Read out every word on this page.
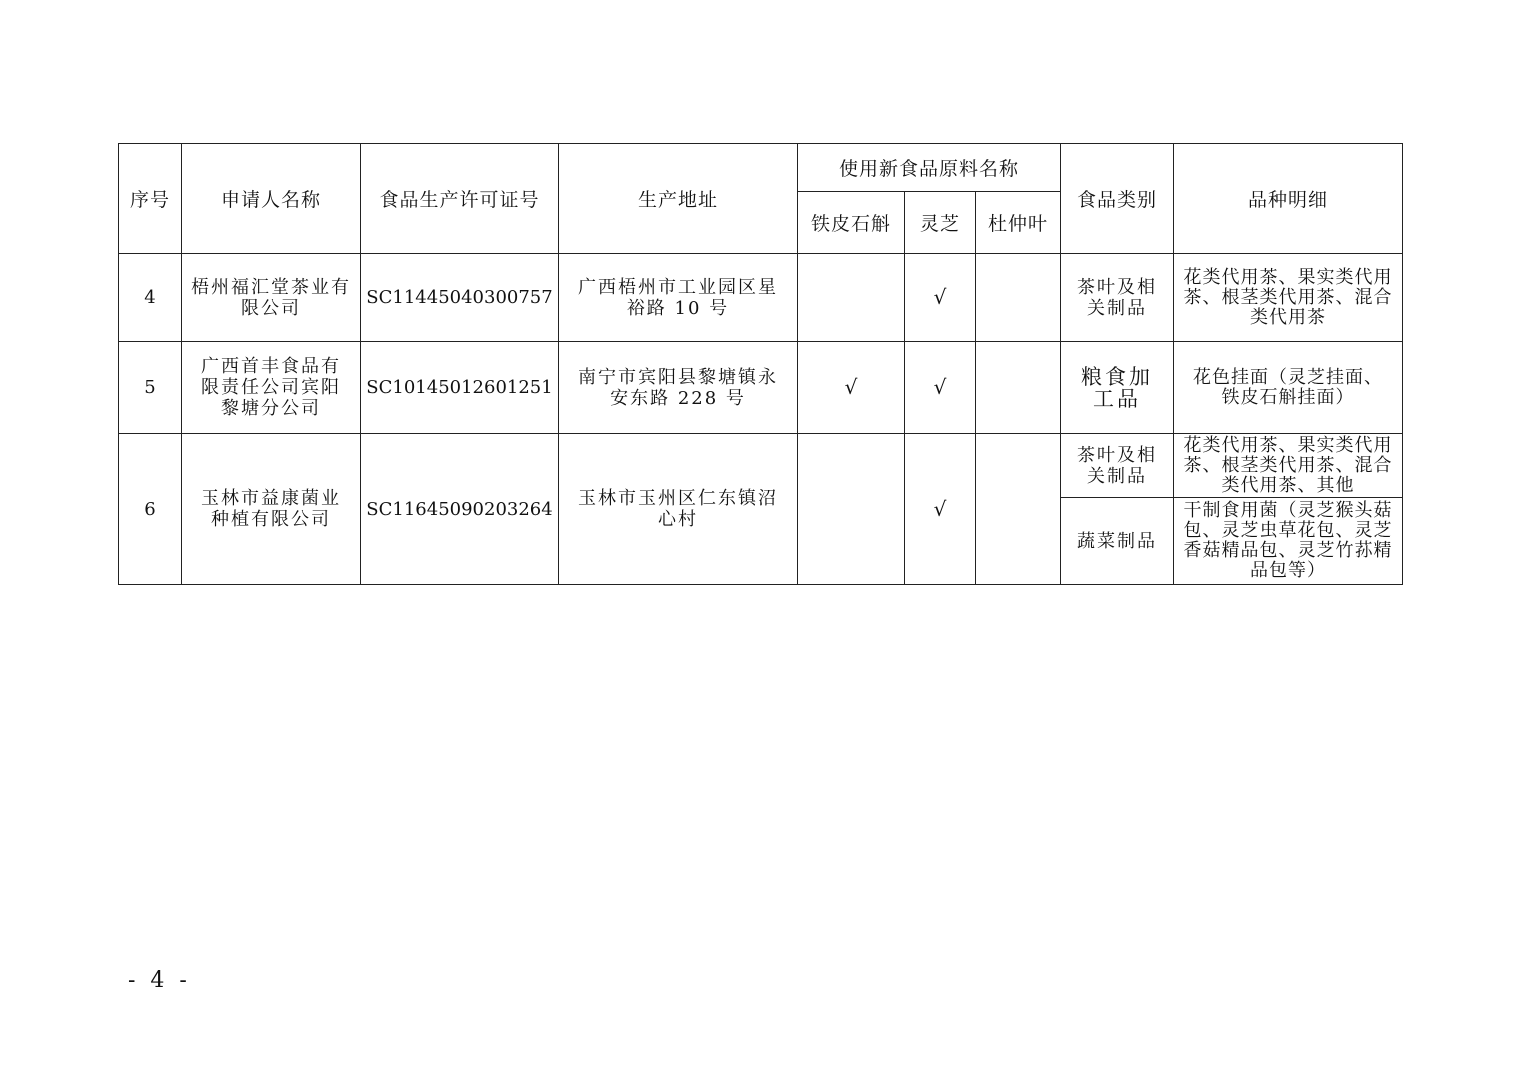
序号	申请人名称	食品生产许可证号	生产地址	使用新食品原料名称			食品类别	品种明细
				铁皮石斛	灵芝	杜仲叶		
4	梧州福汇堂茶业有限公司	SC11445040300757	广西梧州市工业园区星裕路 10 号		√		茶叶及相关制品	花类代用茶、果实类代用茶、根茎类代用茶、混合类代用茶
5	广西首丰食品有限责任公司宾阳黎塘分公司	SC10145012601251	南宁市宾阳县黎塘镇永安东路 228 号	√	√		粮食加工品	花色挂面（灵芝挂面、铁皮石斛挂面）
6	玉林市益康菌业种植有限公司	SC11645090203264	玉林市玉州区仁东镇沼心村		√		茶叶及相关制品	花类代用茶、果实类代用茶、根茎类代用茶、混合类代用茶、其他
							蔬菜制品	干制食用菌（灵芝猴头菇包、灵芝虫草花包、灵芝香菇精品包、灵芝竹荪精品包等）
- 4 -
